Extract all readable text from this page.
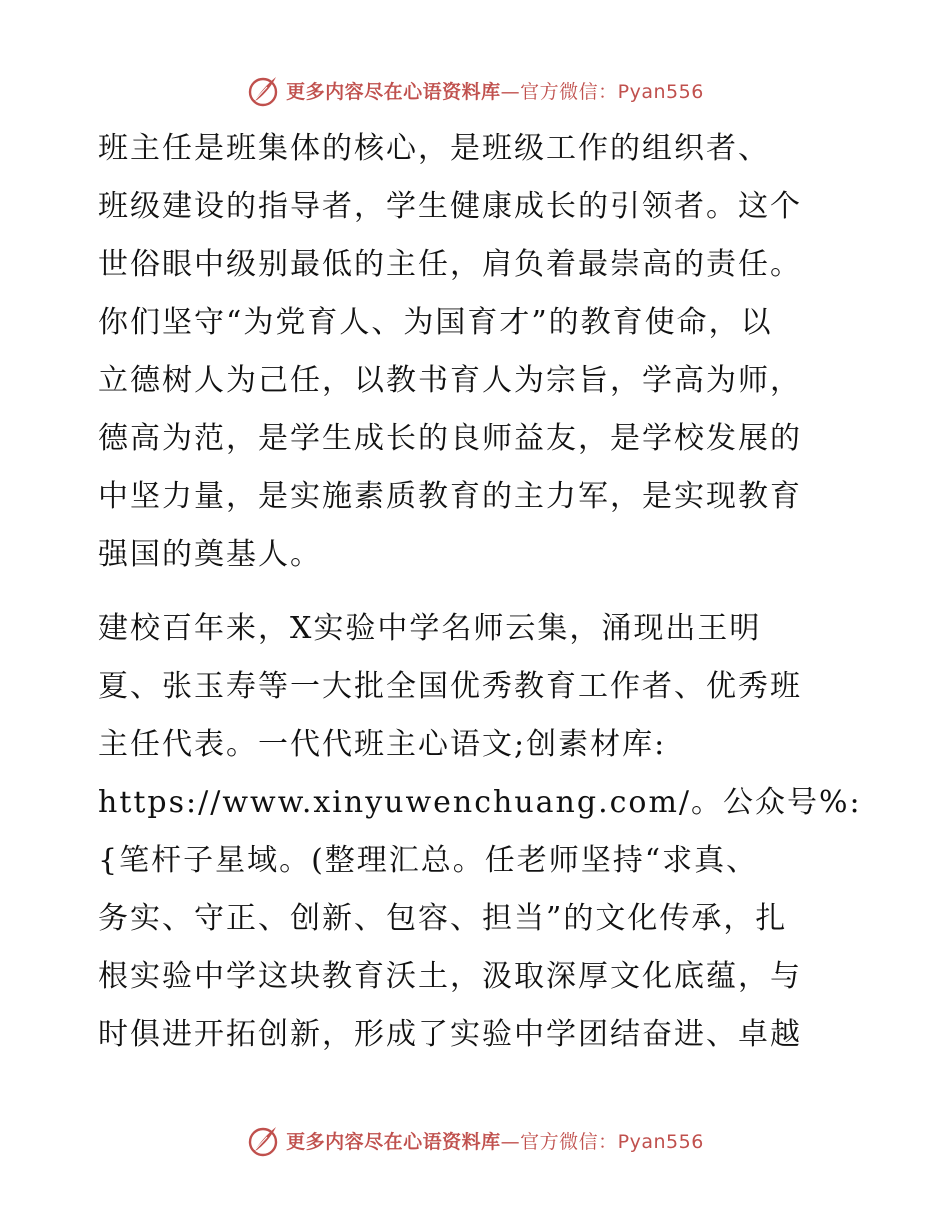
更多内容尽在心语资料库—官方微信：Pyan556

班主任是班集体的核心，是班级工作的组织者、
班级建设的指导者，学生健康成长的引领者。这个
世俗眼中级别最低的主任，肩负着最崇高的责任。
你们坚守“为党育人、为国育才”的教育使命，以
立德树人为己任，以教书育人为宗旨，学高为师，
德高为范，是学生成长的良师益友，是学校发展的
中坚力量，是实施素质教育的主力军，是实现教育
强国的奠基人。

建校百年来，X实验中学名师云集，涌现出王明
夏、张玉寿等一大批全国优秀教育工作者、优秀班
主任代表。一代代班主心语文;创素材库:
https://www.xinyuwenchuang.com/。公众号%:
{笔杆子星域。(整理汇总。任老师坚持“求真、
务实、守正、创新、包容、担当”的文化传承，扎
根实验中学这块教育沃土，汲取深厚文化底蕴，与
时俱进开拓创新，形成了实验中学团结奋进、卓越

更多内容尽在心语资料库—官方微信：Pyan556
